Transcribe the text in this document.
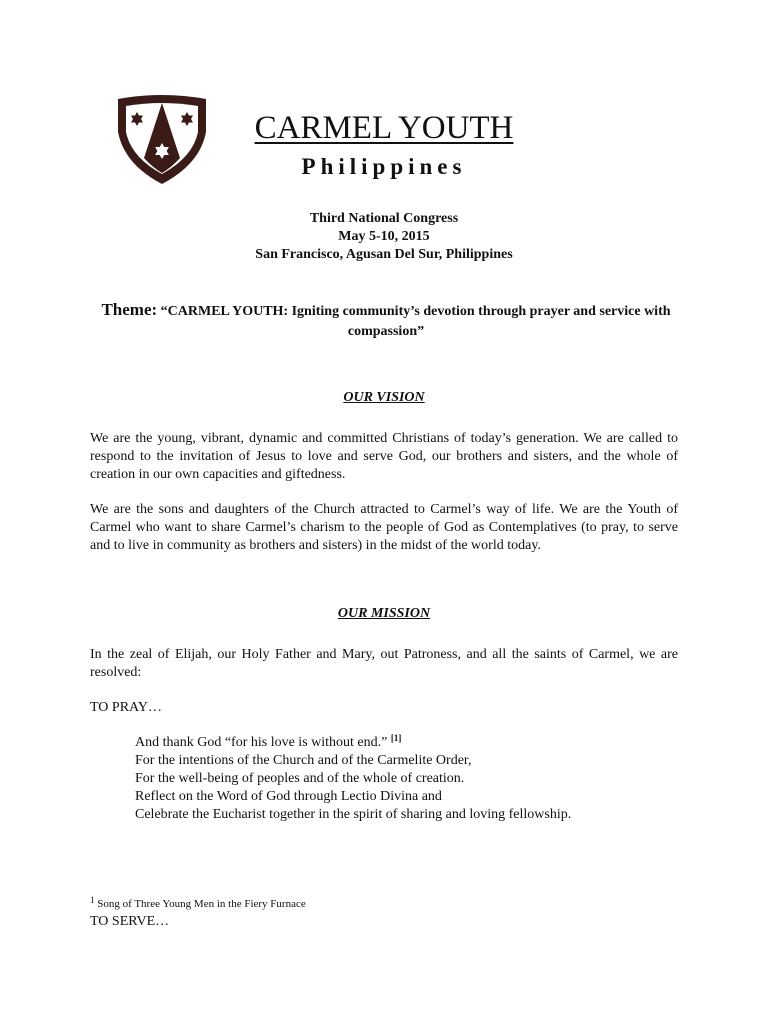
CARMEL YOUTH
Philippines
Third National Congress
May 5-10, 2015
San Francisco, Agusan Del Sur, Philippines
Theme: “CARMEL YOUTH: Igniting community’s devotion through prayer and service with compassion”
OUR VISION
We are the young, vibrant, dynamic and committed Christians of today’s generation. We are called to respond to the invitation of Jesus to love and serve God, our brothers and sisters, and the whole of creation in our own capacities and giftedness.
We are the sons and daughters of the Church attracted to Carmel’s way of life. We are the Youth of Carmel who want to share Carmel’s charism to the people of God as Contemplatives (to pray, to serve and to live in community as brothers and sisters) in the midst of the world today.
OUR MISSION
In the zeal of Elijah, our Holy Father and Mary, out Patroness, and all the saints of Carmel, we are resolved:
TO PRAY…
And thank God “for his love is without end.” [1]
For the intentions of the Church and of the Carmelite Order,
For the well-being of peoples and of the whole of creation.
Reflect on the Word of God through Lectio Divina and
Celebrate the Eucharist together in the spirit of sharing and loving fellowship.
$^1$ Song of Three Young Men in the Fiery Furnace
TO SERVE…
